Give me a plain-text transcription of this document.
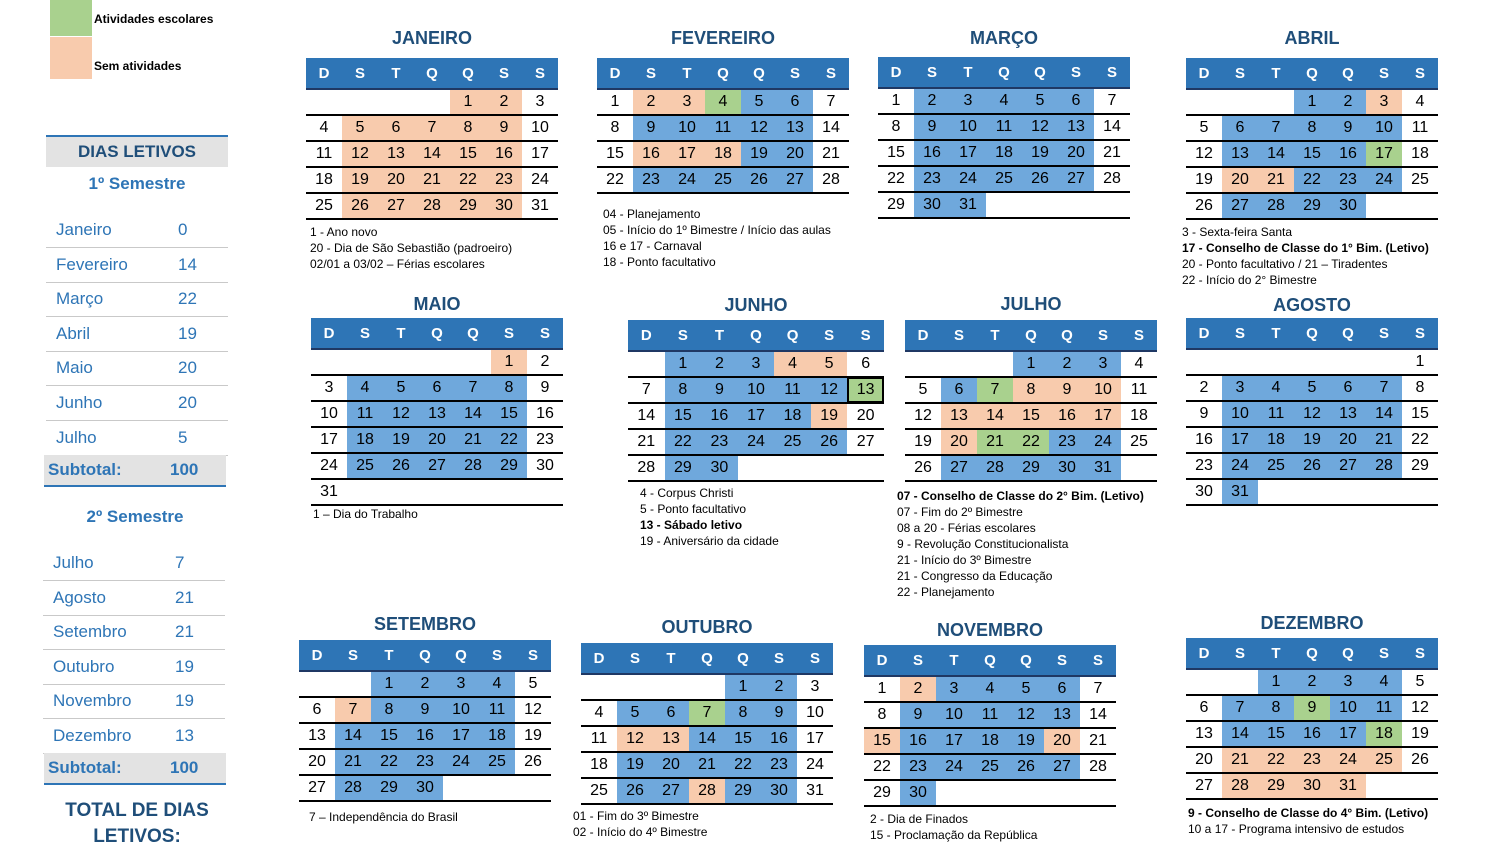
Atividades escolares
Sem atividades
DIAS LETIVOS
1º Semestre
Janeiro	0
Fevereiro	14
Março	22
Abril	19
Maio	20
Junho	20
Julho	5
Subtotal:	100
2º Semestre
Julho	7
Agosto	21
Setembro	21
Outubro	19
Novembro	19
Dezembro	13
Subtotal:	100
TOTAL DE DIAS LETIVOS:
JANEIRO
D	S	T	Q	Q	S	S
				1	2	3
4	5	6	7	8	9	10
11	12	13	14	15	16	17
18	19	20	21	22	23	24
25	26	27	28	29	30	31
1 - Ano novo
20 - Dia de São Sebastião (padroeiro)
02/01 a 03/02 – Férias escolares
FEVEREIRO
D	S	T	Q	Q	S	S
1	2	3	4	5	6	7
8	9	10	11	12	13	14
15	16	17	18	19	20	21
22	23	24	25	26	27	28
04 - Planejamento
05 - Início do 1º Bimestre / Início das aulas
16 e 17 - Carnaval
18 - Ponto facultativo
MARÇO
D	S	T	Q	Q	S	S
1	2	3	4	5	6	7
8	9	10	11	12	13	14
15	16	17	18	19	20	21
22	23	24	25	26	27	28
29	30	31				
ABRIL
D	S	T	Q	Q	S	S
			1	2	3	4
5	6	7	8	9	10	11
12	13	14	15	16	17	18
19	20	21	22	23	24	25
26	27	28	29	30		
3 - Sexta-feira Santa
17 - Conselho de Classe do 1° Bim. (Letivo)
20 - Ponto facultativo / 21 – Tiradentes
22 - Início do 2° Bimestre
MAIO
D	S	T	Q	Q	S	S
					1	2
3	4	5	6	7	8	9
10	11	12	13	14	15	16
17	18	19	20	21	22	23
24	25	26	27	28	29	30
31						
1 – Dia do Trabalho
JUNHO
D	S	T	Q	Q	S	S
	1	2	3	4	5	6
7	8	9	10	11	12	13
14	15	16	17	18	19	20
21	22	23	24	25	26	27
28	29	30				
4 - Corpus Christi
5 - Ponto facultativo
13 - Sábado letivo
19 - Aniversário da cidade
JULHO
D	S	T	Q	Q	S	S
			1	2	3	4
5	6	7	8	9	10	11
12	13	14	15	16	17	18
19	20	21	22	23	24	25
26	27	28	29	30	31	
07 - Conselho de Classe do 2° Bim. (Letivo)
07 - Fim do 2º Bimestre
08 a 20 - Férias escolares
9 - Revolução Constitucionalista
21 - Início do 3º Bimestre
21 - Congresso da Educação
22 - Planejamento
AGOSTO
D	S	T	Q	Q	S	S
						1
2	3	4	5	6	7	8
9	10	11	12	13	14	15
16	17	18	19	20	21	22
23	24	25	26	27	28	29
30	31					
SETEMBRO
D	S	T	Q	Q	S	S
		1	2	3	4	5
6	7	8	9	10	11	12
13	14	15	16	17	18	19
20	21	22	23	24	25	26
27	28	29	30			
7 – Independência do Brasil
OUTUBRO
D	S	T	Q	Q	S	S
				1	2	3
4	5	6	7	8	9	10
11	12	13	14	15	16	17
18	19	20	21	22	23	24
25	26	27	28	29	30	31
01 - Fim do 3º Bimestre
02 - Início do 4º Bimestre
NOVEMBRO
D	S	T	Q	Q	S	S
1	2	3	4	5	6	7
8	9	10	11	12	13	14
15	16	17	18	19	20	21
22	23	24	25	26	27	28
29	30					
2 - Dia de Finados
15 - Proclamação da República
DEZEMBRO
D	S	T	Q	Q	S	S
		1	2	3	4	5
6	7	8	9	10	11	12
13	14	15	16	17	18	19
20	21	22	23	24	25	26
27	28	29	30	31		
9 - Conselho de Classe do 4° Bim. (Letivo)
10 a 17 - Programa intensivo de estudos
